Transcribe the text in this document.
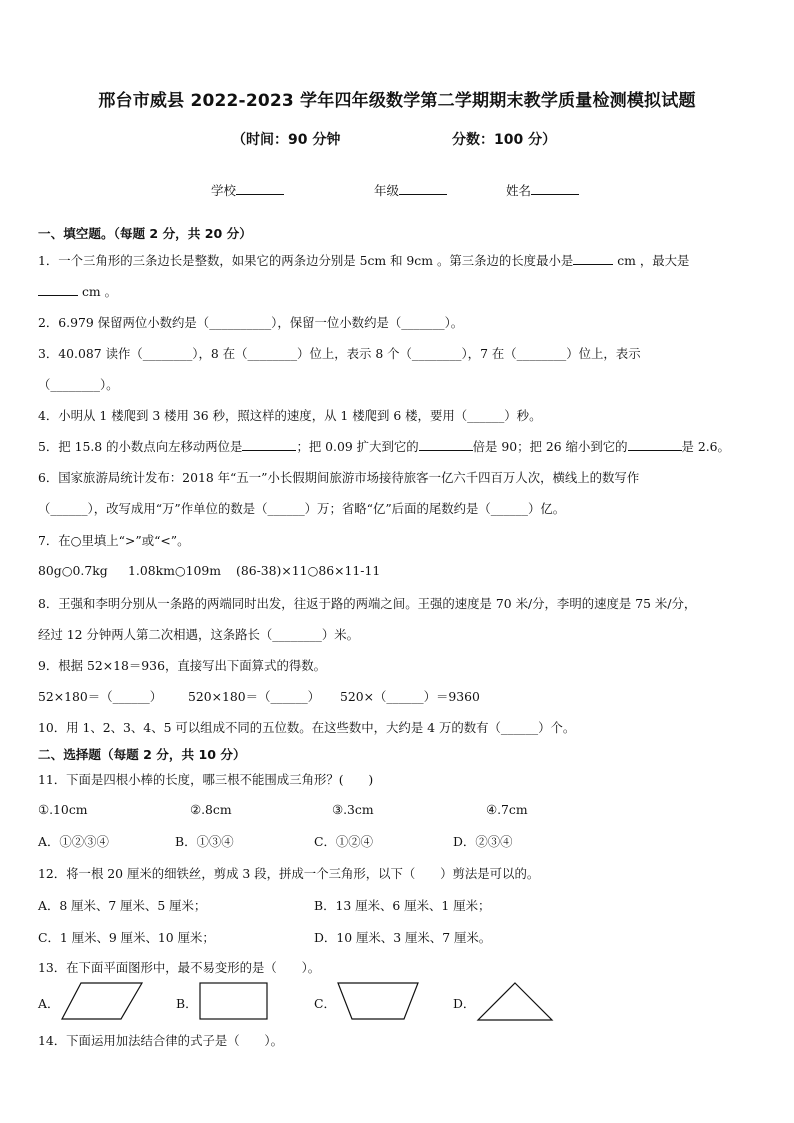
邢台市威县 2022-2023 学年四年级数学第二学期期末教学质量检测模拟试题
（时间：90 分钟	分数：100 分）
学校	年级	姓名
一、填空题。（每题 2 分，共 20 分）
1．一个三角形的三条边长是整数，如果它的两条边分别是 5cm 和 9cm 。第三条边的长度最小是	cm ，最大是
cm 。
2．6.979 保留两位小数约是（__________），保留一位小数约是（_______）。
3．40.087 读作（________），8 在（________）位上，表示 8 个（________），7 在（________）位上，表示
（________）。
4．小明从 1 楼爬到 3 楼用 36 秒，照这样的速度，从 1 楼爬到 6 楼，要用（______）秒。
5．把 15.8 的小数点向左移动两位是	；把 0.09 扩大到它的	倍是 90；把 26 缩小到它的	是 2.6。
6．国家旅游局统计发布：2018 年“五一”小长假期间旅游市场接待旅客一亿六千四百万人次，横线上的数写作
（______），改写成用“万”作单位的数是（______）万；省略“亿”后面的尾数约是（______）亿。
7．在○里填上“>”或“<”。
80g○0.7kg 1.08km○109m (86-38)×11○86×11-11
8．王强和李明分别从一条路的两端同时出发，往返于路的两端之间。王强的速度是 70 米/分，李明的速度是 75 米/分，
经过 12 分钟两人第二次相遇，这条路长（________）米。
9．根据 52×18＝936，直接写出下面算式的得数。
52×180＝（______） 520×180＝（______） 520×（______）＝9360
10．用 1、2、3、4、5 可以组成不同的五位数。在这些数中，大约是 4 万的数有（______）个。
二、选择题（每题 2 分，共 10 分）
11．下面是四根小棒的长度，哪三根不能围成三角形？(　　)
①.10cm	②.8cm	③.3cm	④.7cm
A．①②③④	B．①③④	C．①②④	D．②③④
12．将一根 20 厘米的细铁丝，剪成 3 段，拼成一个三角形，以下（　　）剪法是可以的。
A．8 厘米、7 厘米、5 厘米；	B．13 厘米、6 厘米、1 厘米；
C．1 厘米、9 厘米、10 厘米；	D．10 厘米、3 厘米、7 厘米。
13．在下面平面图形中，最不易变形的是（　　）。
A．	B．	C．	D．
14．下面运用加法结合律的式子是（　　）。
